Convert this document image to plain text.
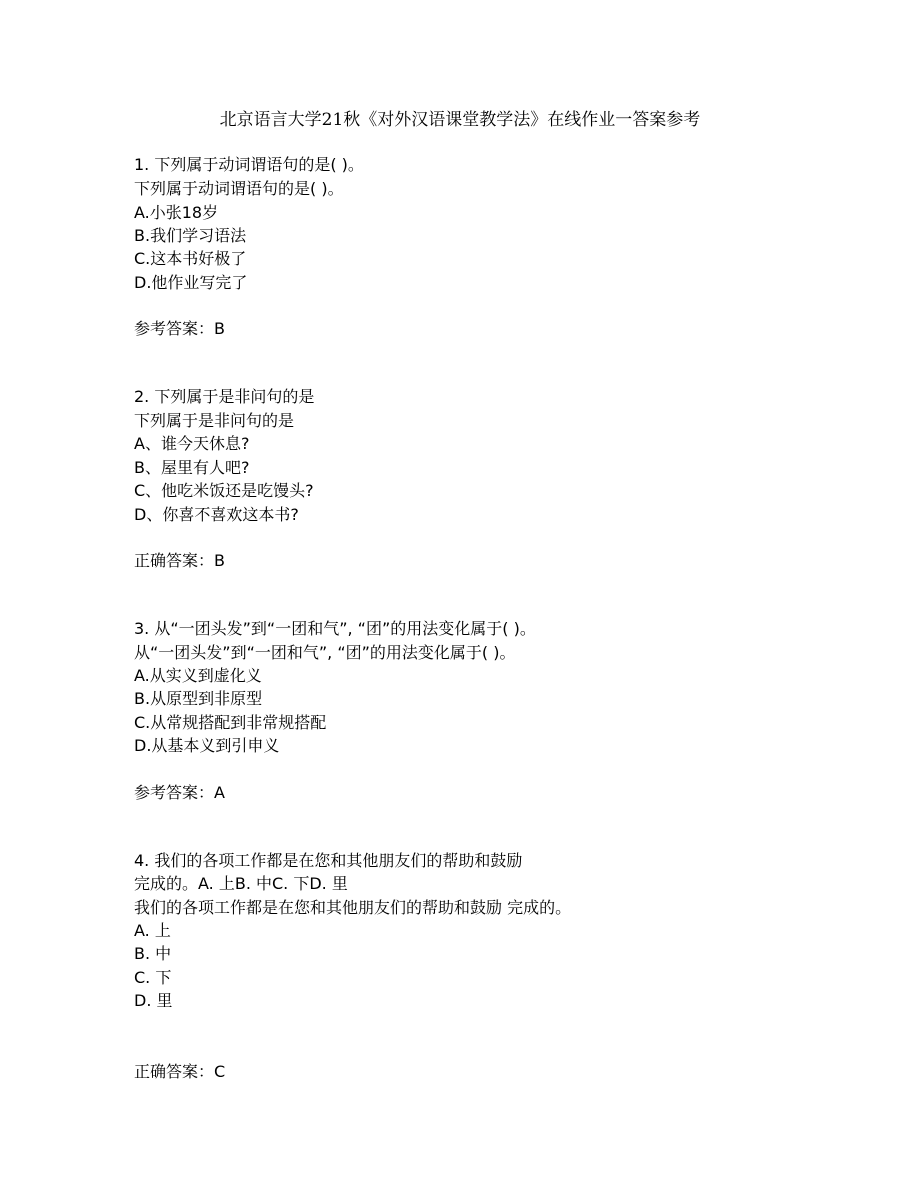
北京语言大学21秋《对外汉语课堂教学法》在线作业一答案参考
1. 下列属于动词谓语句的是( )。
下列属于动词谓语句的是( )。
A.小张18岁
B.我们学习语法
C.这本书好极了
D.他作业写完了
参考答案：B
2. 下列属于是非问句的是
下列属于是非问句的是
A、谁今天休息?
B、屋里有人吧?
C、他吃米饭还是吃馒头?
D、你喜不喜欢这本书?
正确答案：B
3. 从“一团头发”到“一团和气”, “团”的用法变化属于( )。
从“一团头发”到“一团和气”, “团”的用法变化属于( )。
A.从实义到虚化义
B.从原型到非原型
C.从常规搭配到非常规搭配
D.从基本义到引申义
参考答案：A
4. 我们的各项工作都是在您和其他朋友们的帮助和鼓励
完成的。A. 上B. 中C. 下D. 里
我们的各项工作都是在您和其他朋友们的帮助和鼓励 完成的。
A. 上
B. 中
C. 下
D. 里
正确答案：C
